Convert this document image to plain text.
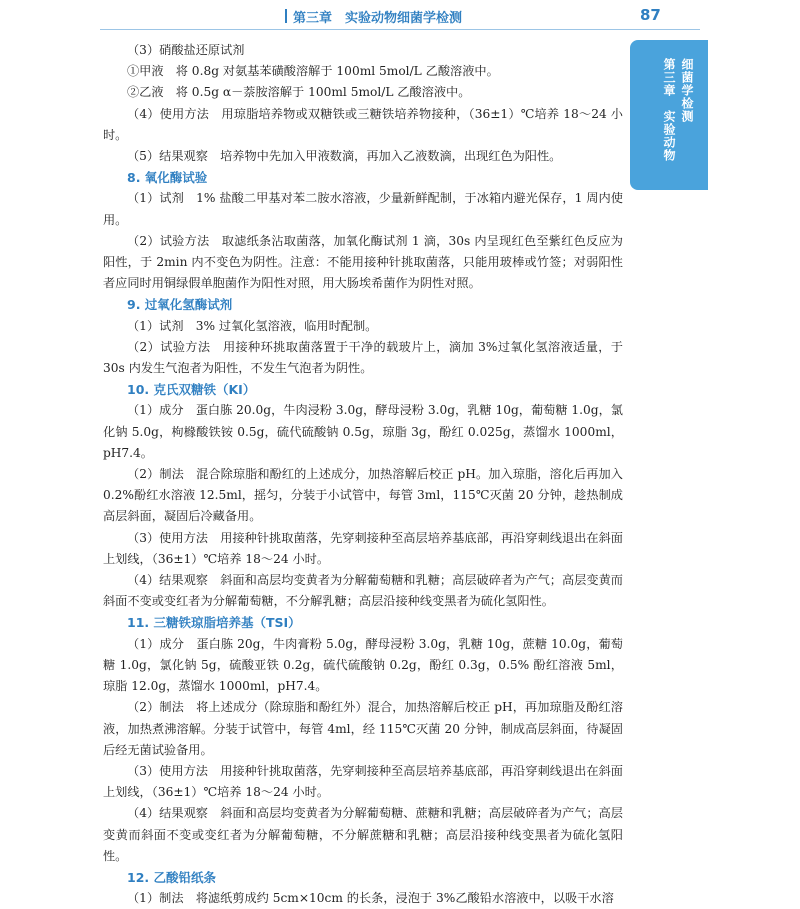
第三章　实验动物细菌学检测	87
细菌学检测
第三章　实验动物

（3）硝酸盐还原试剂

①甲液　将 0.8g 对氨基苯磺酸溶解于 100ml 5mol/L 乙酸溶液中。

②乙液　将 0.5g α－萘胺溶解于 100ml 5mol/L 乙酸溶液中。

（4）使用方法　用琼脂培养物或双糖铁或三糖铁培养物接种，（36±1）℃培养 18～24 小时。

（5）结果观察　培养物中先加入甲液数滴，再加入乙液数滴，出现红色为阳性。

8. 氧化酶试验

（1）试剂　1% 盐酸二甲基对苯二胺水溶液，少量新鲜配制，于冰箱内避光保存，1 周内使用。

（2）试验方法　取滤纸条沾取菌落，加氧化酶试剂 1 滴，30s 内呈现红色至紫红色反应为阳性，于 2min 内不变色为阴性。注意：不能用接种针挑取菌落，只能用玻棒或竹签；对弱阳性者应同时用铜绿假单胞菌作为阳性对照，用大肠埃希菌作为阴性对照。

9. 过氧化氢酶试剂

（1）试剂　3% 过氧化氢溶液，临用时配制。

（2）试验方法　用接种环挑取菌落置于干净的载玻片上，滴加 3%过氧化氢溶液适量，于 30s 内发生气泡者为阳性，不发生气泡者为阴性。

10. 克氏双糖铁（KI）

（1）成分　蛋白胨 20.0g，牛肉浸粉 3.0g，酵母浸粉 3.0g，乳糖 10g，葡萄糖 1.0g，氯化钠 5.0g，枸橼酸铁铵 0.5g，硫代硫酸钠 0.5g，琼脂 3g，酚红 0.025g，蒸馏水 1000ml，pH7.4。

（2）制法　混合除琼脂和酚红的上述成分，加热溶解后校正 pH。加入琼脂，溶化后再加入 0.2%酚红水溶液 12.5ml，摇匀，分装于小试管中，每管 3ml，115℃灭菌 20 分钟，趁热制成高层斜面，凝固后冷藏备用。

（3）使用方法　用接种针挑取菌落，先穿刺接种至高层培养基底部，再沿穿刺线退出在斜面上划线，（36±1）℃培养 18～24 小时。

（4）结果观察　斜面和高层均变黄者为分解葡萄糖和乳糖；高层破碎者为产气；高层变黄而斜面不变或变红者为分解葡萄糖，不分解乳糖；高层沿接种线变黑者为硫化氢阳性。

11. 三糖铁琼脂培养基（TSI）

（1）成分　蛋白胨 20g，牛肉膏粉 5.0g，酵母浸粉 3.0g，乳糖 10g，蔗糖 10.0g，葡萄糖 1.0g，氯化钠 5g，硫酸亚铁 0.2g，硫代硫酸钠 0.2g，酚红 0.3g，0.5% 酚红溶液 5ml，琼脂 12.0g，蒸馏水 1000ml，pH7.4。

（2）制法　将上述成分（除琼脂和酚红外）混合，加热溶解后校正 pH，再加琼脂及酚红溶液，加热煮沸溶解。分装于试管中，每管 4ml，经 115℃灭菌 20 分钟，制成高层斜面，待凝固后经无菌试验备用。

（3）使用方法　用接种针挑取菌落，先穿刺接种至高层培养基底部，再沿穿刺线退出在斜面上划线，（36±1）℃培养 18～24 小时。

（4）结果观察　斜面和高层均变黄者为分解葡萄糖、蔗糖和乳糖；高层破碎者为产气；高层变黄而斜面不变或变红者为分解葡萄糖，不分解蔗糖和乳糖；高层沿接种线变黑者为硫化氢阳性。

12. 乙酸铅纸条

（1）制法　将滤纸剪成约 5cm×10cm 的长条，浸泡于 3%乙酸铅水溶液中，以吸干水溶
